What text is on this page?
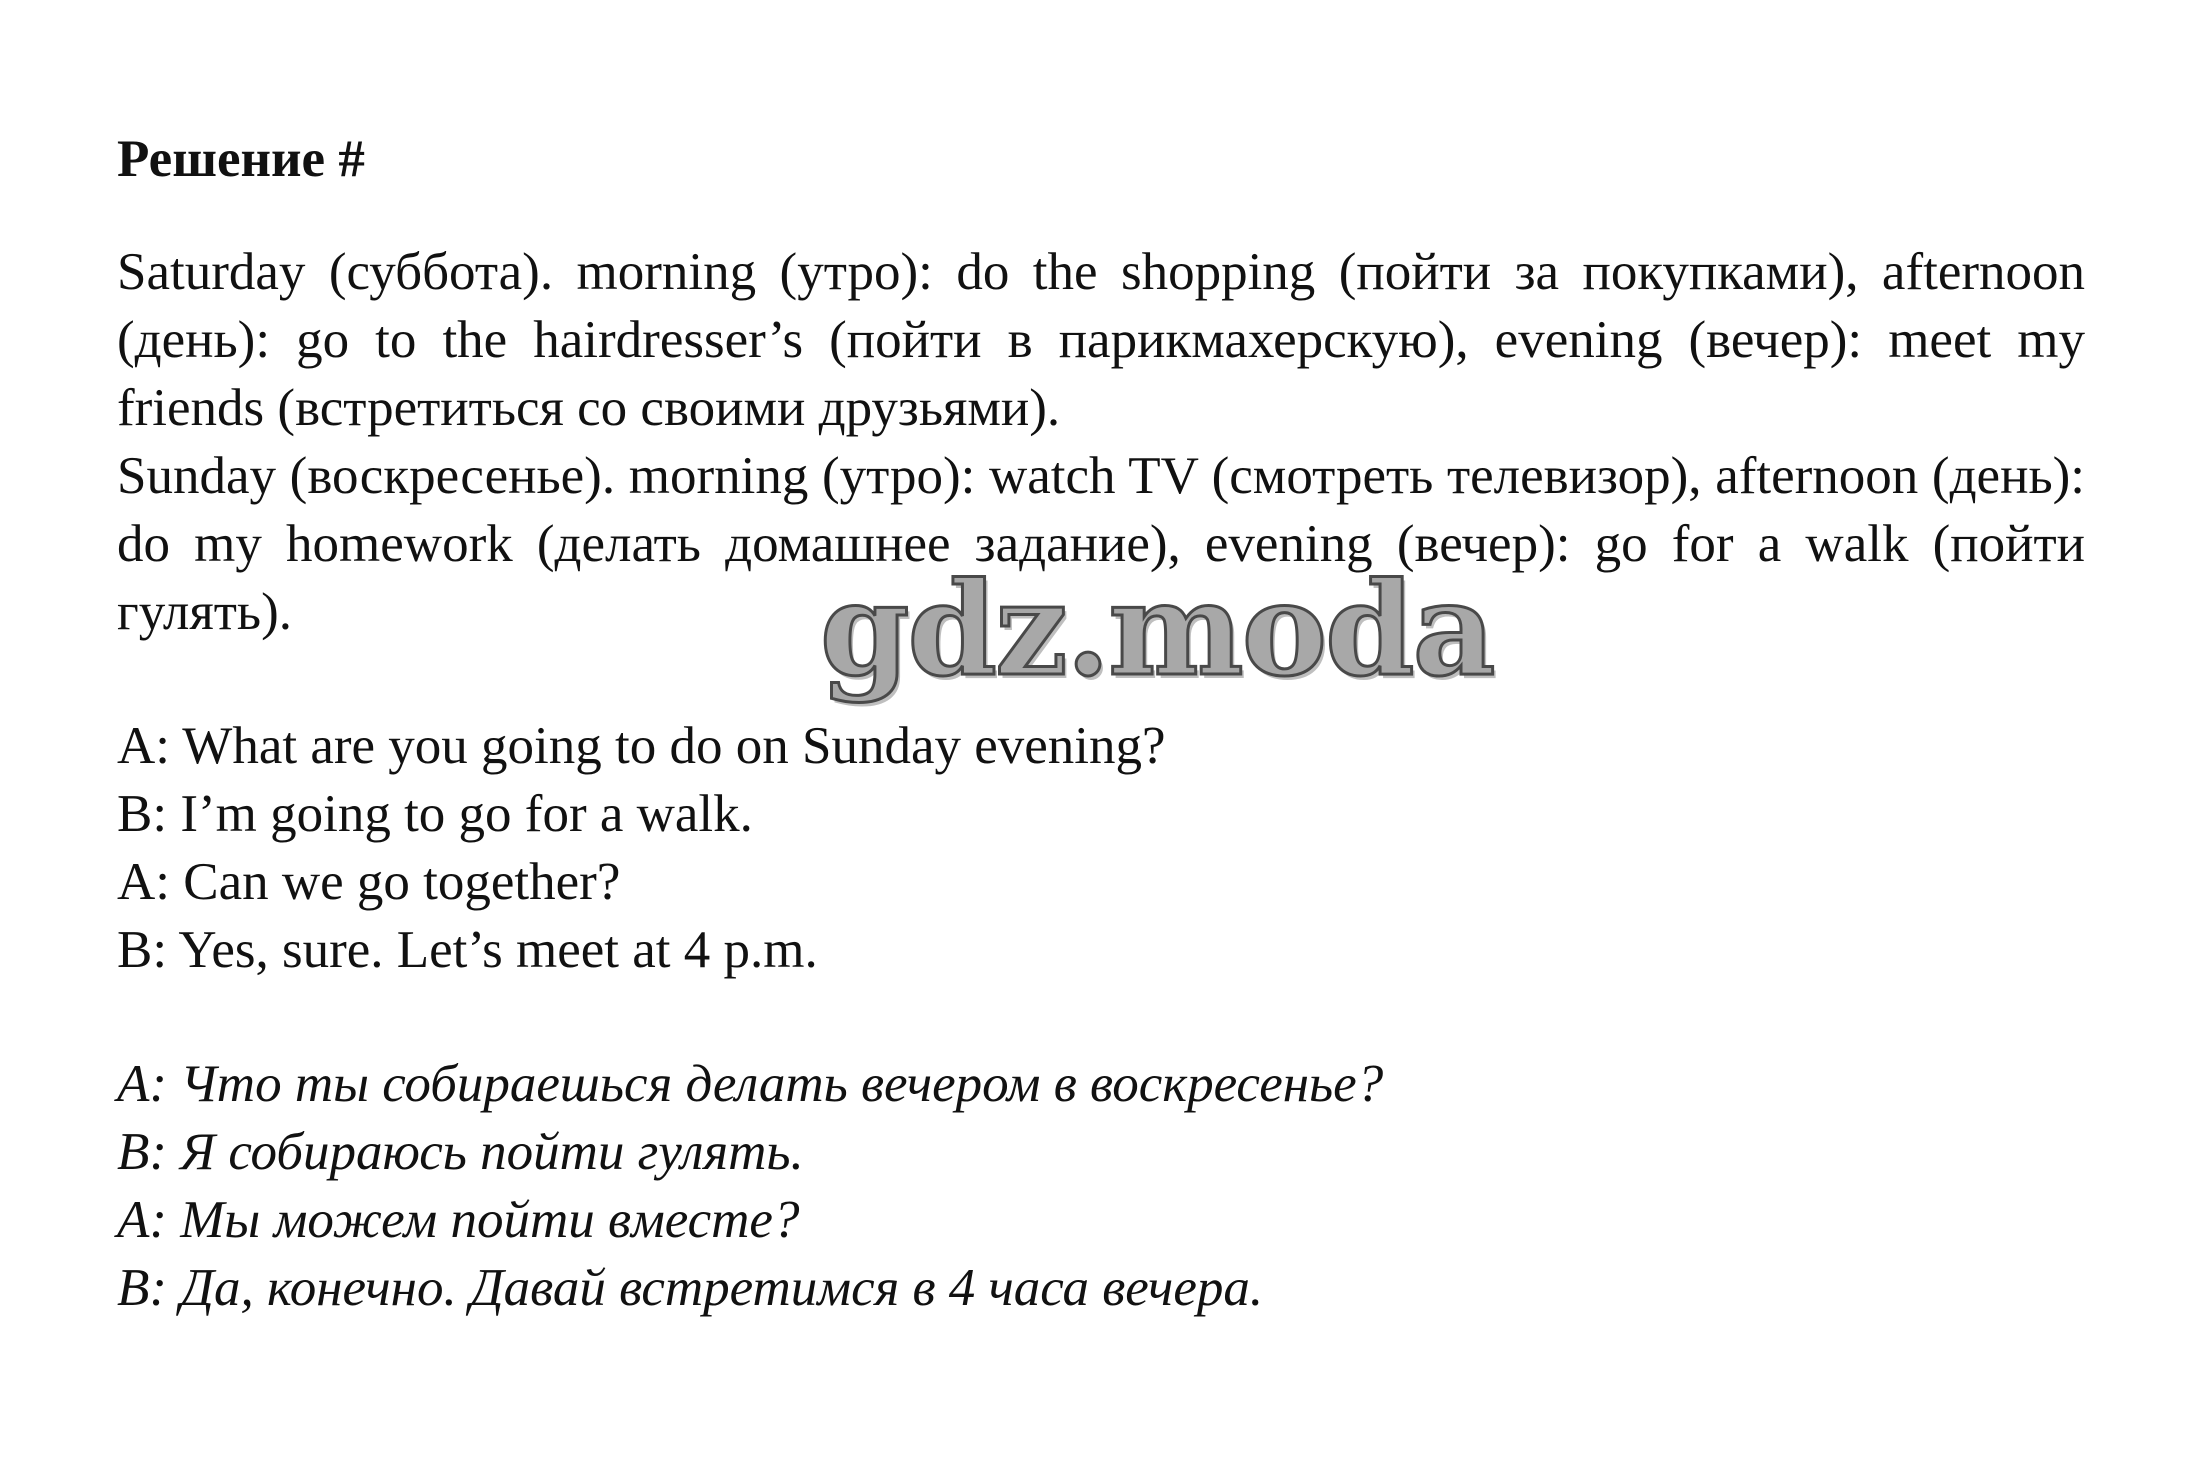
Решение #
Saturday (суббота). morning (утро): do the shopping (пойти за покупками), afternoon (день): go to the hairdresser’s (пойти в парикмахерскую), evening (вечер): meet my friends (встретиться со своими друзьями).
Sunday (воскресенье). morning (утро): watch TV (смотреть телевизор), afternoon (день): do my homework (делать домашнее задание), evening (вечер): go for a walk (пойти гулять).
A: What are you going to do on Sunday evening?
B: I’m going to go for a walk.
A: Can we go together?
B: Yes, sure. Let’s meet at 4 p.m.
A: Что ты собираешься делать вечером в воскресенье?
B: Я собираюсь пойти гулять.
A: Мы можем пойти вместе?
B: Да, конечно. Давай встретимся в 4 часа вечера.
gdz.moda
